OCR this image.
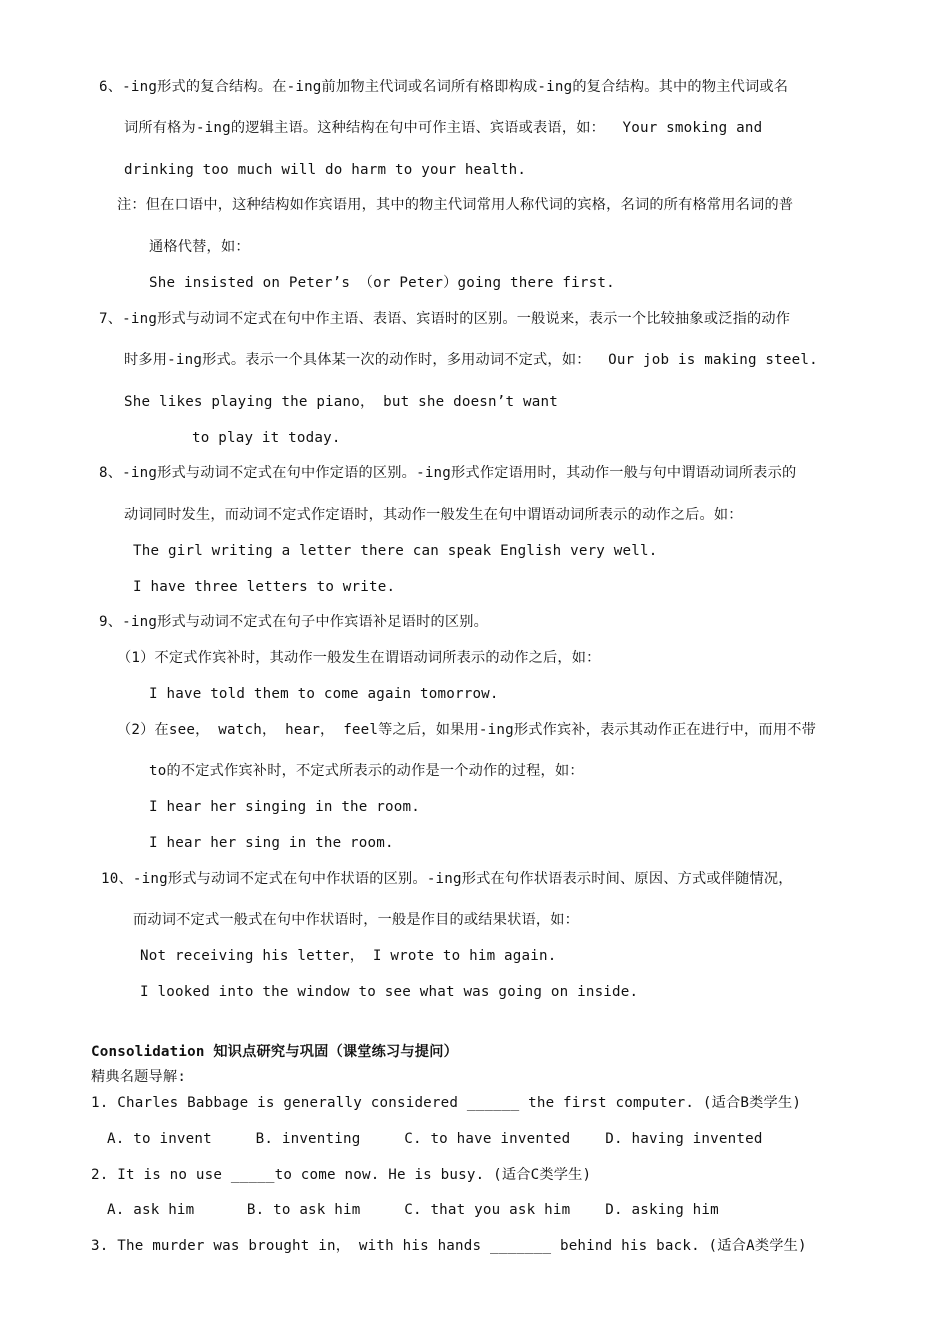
6、-ing形式的复合结构。在-ing前加物主代词或名词所有格即构成-ing的复合结构。其中的物主代词或名
词所有格为-ing的逻辑主语。这种结构在句中可作主语、宾语或表语，如：  Your smoking and
drinking too much will do harm to your health.
注：但在口语中，这种结构如作宾语用，其中的物主代词常用人称代词的宾格，名词的所有格常用名词的普
通格代替，如：
She insisted on Peter’s （or Peter）going there first.
7、-ing形式与动词不定式在句中作主语、表语、宾语时的区别。一般说来，表示一个比较抽象或泛指的动作
时多用-ing形式。表示一个具体某一次的动作时，多用动词不定式，如：  Our job is making steel.
She likes playing the piano， but she doesn’t want
to play it today.
8、-ing形式与动词不定式在句中作定语的区别。-ing形式作定语用时，其动作一般与句中谓语动词所表示的
动词同时发生，而动词不定式作定语时，其动作一般发生在句中谓语动词所表示的动作之后。如：
The girl writing a letter there can speak English very well.
I have three letters to write.
9、-ing形式与动词不定式在句子中作宾语补足语时的区别。
（1）不定式作宾补时，其动作一般发生在谓语动词所表示的动作之后，如：
I have told them to come again tomorrow.
（2）在see， watch， hear， feel等之后，如果用-ing形式作宾补，表示其动作正在进行中，而用不带
to的不定式作宾补时，不定式所表示的动作是一个动作的过程，如：
I hear her singing in the room.
I hear her sing in the room.
10、-ing形式与动词不定式在句中作状语的区别。-ing形式在句作状语表示时间、原因、方式或伴随情况，
而动词不定式一般式在句中作状语时，一般是作目的或结果状语，如：
Not receiving his letter， I wrote to him again.
I looked into the window to see what was going on inside.
Consolidation 知识点研究与巩固（课堂练习与提问）
精典名题导解:
1. Charles Babbage is generally considered ______ the first computer. (适合B类学生)
A. to invent     B. inventing     C. to have invented    D. having invented
2. It is no use _____to come now. He is busy. (适合C类学生)
A. ask him      B. to ask him     C. that you ask him    D. asking him
3. The murder was brought in， with his hands _______ behind his back. (适合A类学生)
